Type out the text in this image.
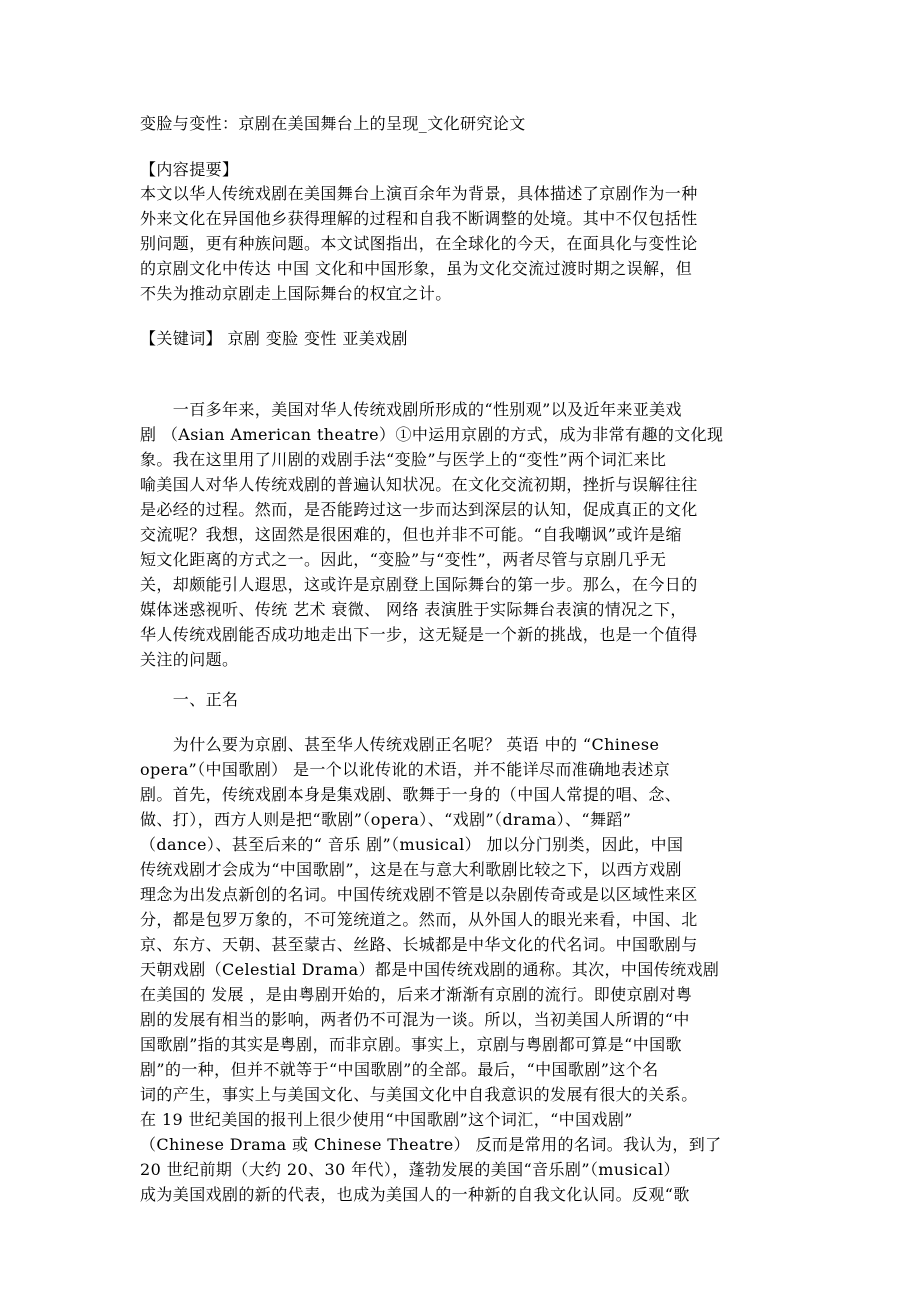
变脸与变性：京剧在美国舞台上的呈现_文化研究论文
【内容提要】
本文以华人传统戏剧在美国舞台上演百余年为背景，具体描述了京剧作为一种
外来文化在异国他乡获得理解的过程和自我不断调整的处境。其中不仅包括性
别问题，更有种族问题。本文试图指出，在全球化的今天，在面具化与变性论
的京剧文化中传达 中国 文化和中国形象，虽为文化交流过渡时期之误解，但
不失为推动京剧走上国际舞台的权宜之计。
【关键词】 京剧 变脸 变性 亚美戏剧
　　一百多年来，美国对华人传统戏剧所形成的“性别观”以及近年来亚美戏
剧 （Asian American theatre）①中运用京剧的方式，成为非常有趣的文化现
象。我在这里用了川剧的戏剧手法“变脸”与医学上的“变性”两个词汇来比
喻美国人对华人传统戏剧的普遍认知状况。在文化交流初期，挫折与误解往往
是必经的过程。然而，是否能跨过这一步而达到深层的认知，促成真正的文化
交流呢？我想，这固然是很困难的，但也并非不可能。“自我嘲讽”或许是缩
短文化距离的方式之一。因此，“变脸”与“变性”，两者尽管与京剧几乎无
关，却颇能引人遐思，这或许是京剧登上国际舞台的第一步。那么，在今日的
媒体迷惑视听、传统 艺术 衰微、 网络 表演胜于实际舞台表演的情况之下，
华人传统戏剧能否成功地走出下一步，这无疑是一个新的挑战，也是一个值得
关注的问题。
　　一、正名
　　为什么要为京剧、甚至华人传统戏剧正名呢？ 英语 中的 “Chinese
opera”（中国歌剧） 是一个以讹传讹的术语，并不能详尽而准确地表述京
剧。首先，传统戏剧本身是集戏剧、歌舞于一身的（中国人常提的唱、念、
做、打），西方人则是把“歌剧”（opera）、“戏剧”（drama）、“舞蹈”
（dance）、甚至后来的“ 音乐 剧”（musical） 加以分门别类，因此，中国
传统戏剧才会成为“中国歌剧”，这是在与意大利歌剧比较之下，以西方戏剧
理念为出发点新创的名词。中国传统戏剧不管是以杂剧传奇或是以区域性来区
分，都是包罗万象的，不可笼统道之。然而，从外国人的眼光来看，中国、北
京、东方、天朝、甚至蒙古、丝路、长城都是中华文化的代名词。中国歌剧与
天朝戏剧（Celestial Drama）都是中国传统戏剧的通称。其次，中国传统戏剧
在美国的 发展 ，是由粤剧开始的，后来才渐渐有京剧的流行。即使京剧对粤
剧的发展有相当的影响，两者仍不可混为一谈。所以，当初美国人所谓的“中
国歌剧”指的其实是粤剧，而非京剧。事实上，京剧与粤剧都可算是“中国歌
剧”的一种，但并不就等于“中国歌剧”的全部。最后，“中国歌剧”这个名
词的产生，事实上与美国文化、与美国文化中自我意识的发展有很大的关系。
在 19 世纪美国的报刊上很少使用“中国歌剧”这个词汇，“中国戏剧”
（Chinese Drama 或 Chinese Theatre） 反而是常用的名词。我认为，到了
20 世纪前期（大约 20、30 年代），蓬勃发展的美国“音乐剧”（musical）
成为美国戏剧的新的代表，也成为美国人的一种新的自我文化认同。反观“歌
